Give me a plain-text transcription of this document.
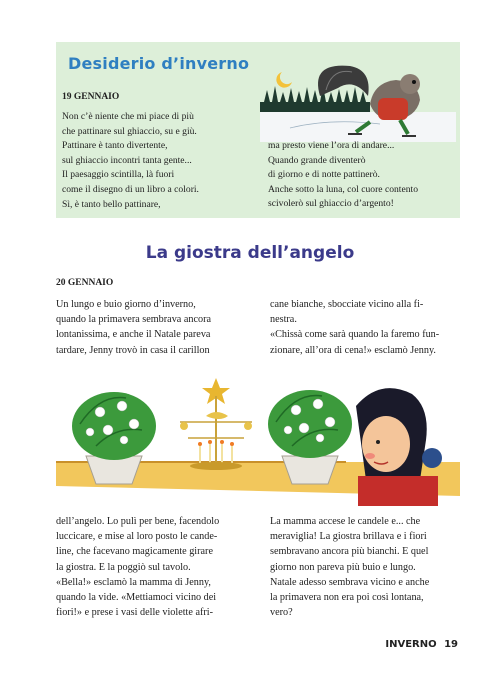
Desiderio d’inverno
19 GENNAIO
Non c’è niente che mi piace di più
che pattinare sul ghiaccio, su e giù.
Pattinare è tanto divertente,
sul ghiaccio incontri tanta gente...
Il paesaggio scintilla, là fuori
come il disegno di un libro a colori.
Sì, è tanto bello pattinare,
ma presto viene l’ora di andare...
Quando grande diventerò
di giorno e di notte pattinerò.
Anche sotto la luna, col cuore contento
scivolerò sul ghiaccio d’argento!
La giostra dell’angelo
20 GENNAIO
Un lungo e buio giorno d’inverno,
quando la primavera sembrava ancora
lontanissima, e anche il Natale pareva
tardare, Jenny trovò in casa il carillon
cane bianche, sbocciate vicino alla fi-
nestra.
«Chissà come sarà quando la faremo fun-
zionare, all’ora di cena!» esclamò Jenny.
dell’angelo. Lo pulì per bene, facendolo
luccicare, e mise al loro posto le cande-
line, che facevano magicamente girare
la giostra. E la poggiò sul tavolo.
«Bella!» esclamò la mamma di Jenny,
quando la vide. «Mettiamoci vicino dei
fiori!» e prese i vasi delle violette afri-
La mamma accese le candele e... che
meraviglia! La giostra brillava e i fiori
sembravano ancora più bianchi. E quel
giorno non pareva più buio e lungo.
Natale adesso sembrava vicino e anche
la primavera non era poi così lontana,
vero?
INVERNO 19
